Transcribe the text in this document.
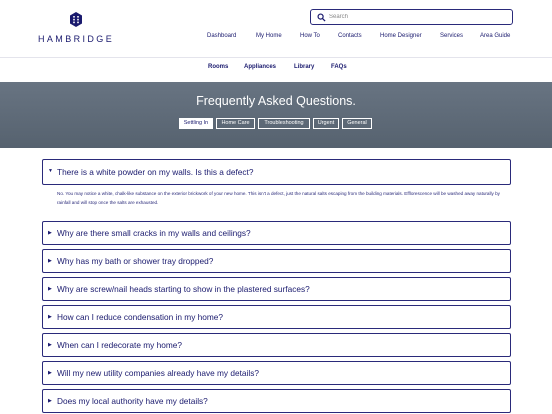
HAMBRIDGE
Search	Dashboard	My Home	How To	Contacts	Home Designer	Services	Area Guide
Rooms	Appliances	Library	FAQs
Frequently Asked Questions.
Settling In	Home Care	Troubleshooting	Urgent	General
▼ There is a white powder on my walls. Is this a defect?
No. You may notice a white, chalk-like substance on the exterior brickwork of your new home. This isn't a defect, just the natural salts escaping from the building materials. Efflorescence will be washed away naturally by rainfall and will stop once the salts are exhausted.
▶ Why are there small cracks in my walls and ceilings?
▶ Why has my bath or shower tray dropped?
▶ Why are screw/nail heads starting to show in the plastered surfaces?
▶ How can I reduce condensation in my home?
▶ When can I redecorate my home?
▶ Will my new utility companies already have my details?
▶ Does my local authority have my details?
